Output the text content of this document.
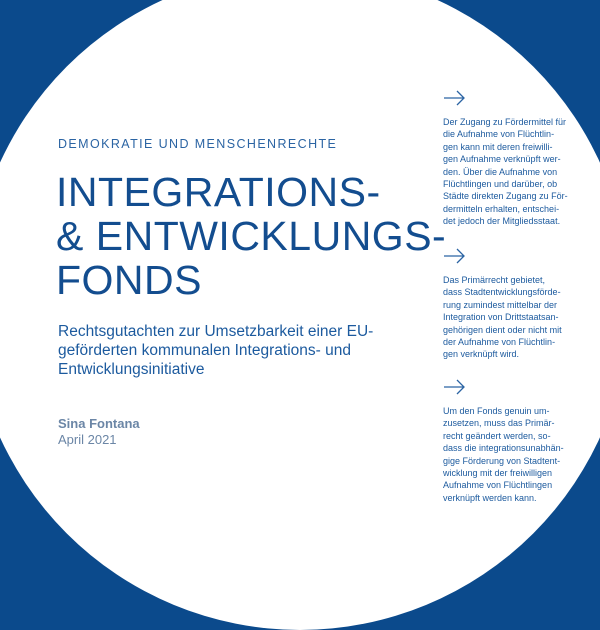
DEMOKRATIE UND MENSCHENRECHTE
INTEGRATIONS-
& ENTWICKLUNGS-
FONDS
Rechtsgutachten zur Umsetzbarkeit einer EU-geförderten kommunalen Integrations- und Entwicklungsinitiative
Sina Fontana
April 2021

Der Zugang zu Fördermittel für
die Aufnahme von Flüchtlin-
gen kann mit deren freiwilli-
gen Aufnahme verknüpft wer-
den. Über die Aufnahme von
Flüchtlingen und darüber, ob
Städte direkten Zugang zu För-
dermitteln erhalten, entschei-
det jedoch der Mitgliedsstaat.

Das Primärrecht gebietet,
dass Stadtentwicklungsförde-
rung zumindest mittelbar der
Integration von Drittstaatsan-
gehörigen dient oder nicht mit
der Aufnahme von Flüchtlin-
gen verknüpft wird.

Um den Fonds genuin um-
zusetzen, muss das Primär-
recht geändert werden, so-
dass die integrationsunabhän-
gige Förderung von Stadtent-
wicklung mit der freiwilligen
Aufnahme von Flüchtlingen
verknüpft werden kann.
